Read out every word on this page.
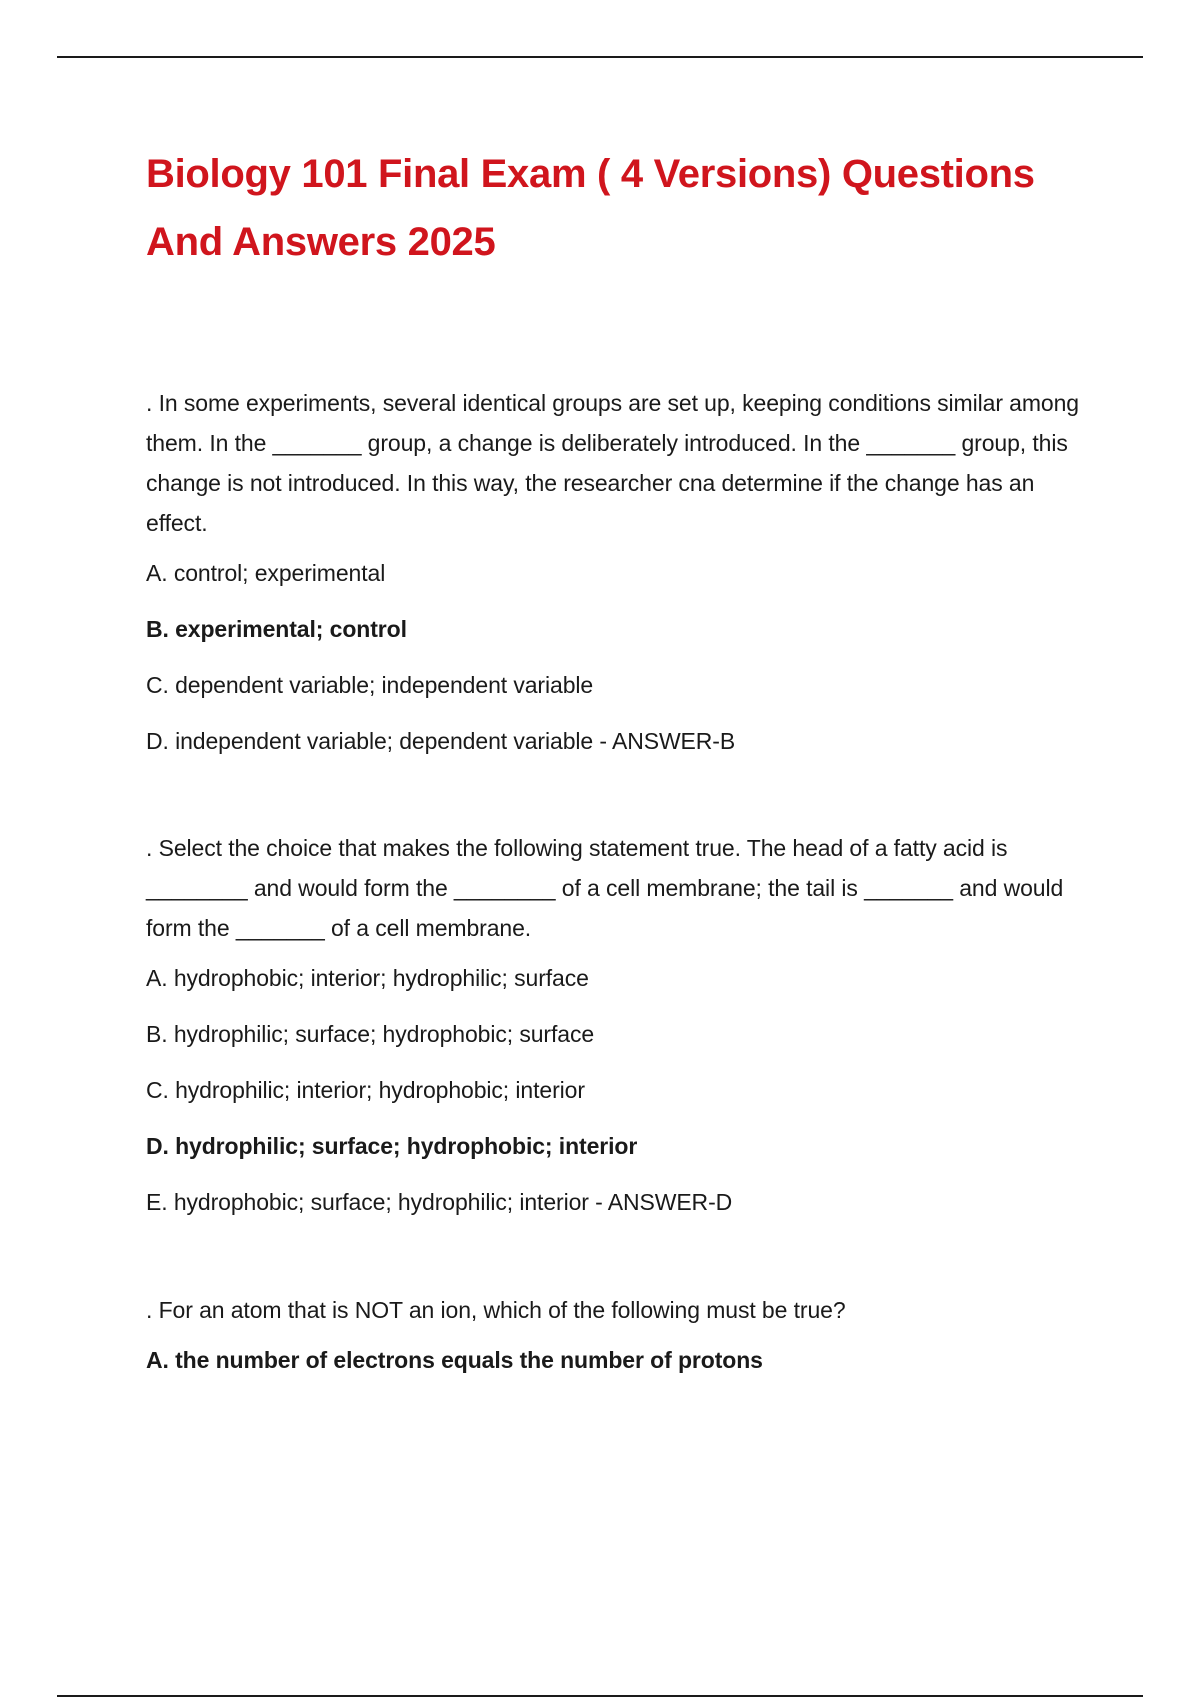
Biology 101 Final Exam ( 4 Versions) Questions And Answers 2025

. In some experiments, several identical groups are set up, keeping conditions similar among them. In the _______ group, a change is deliberately introduced. In the _______ group, this change is not introduced. In this way, the researcher cna determine if the change has an effect.

A. control; experimental
B. experimental; control
C. dependent variable; independent variable
D. independent variable; dependent variable - ANSWER-B

. Select the choice that makes the following statement true. The head of a fatty acid is ________ and would form the ________ of a cell membrane; the tail is _______ and would form the _______ of a cell membrane.

A. hydrophobic; interior; hydrophilic; surface
B. hydrophilic; surface; hydrophobic; surface
C. hydrophilic; interior; hydrophobic; interior
D. hydrophilic; surface; hydrophobic; interior
E. hydrophobic; surface; hydrophilic; interior - ANSWER-D

. For an atom that is NOT an ion, which of the following must be true?

A. the number of electrons equals the number of protons
